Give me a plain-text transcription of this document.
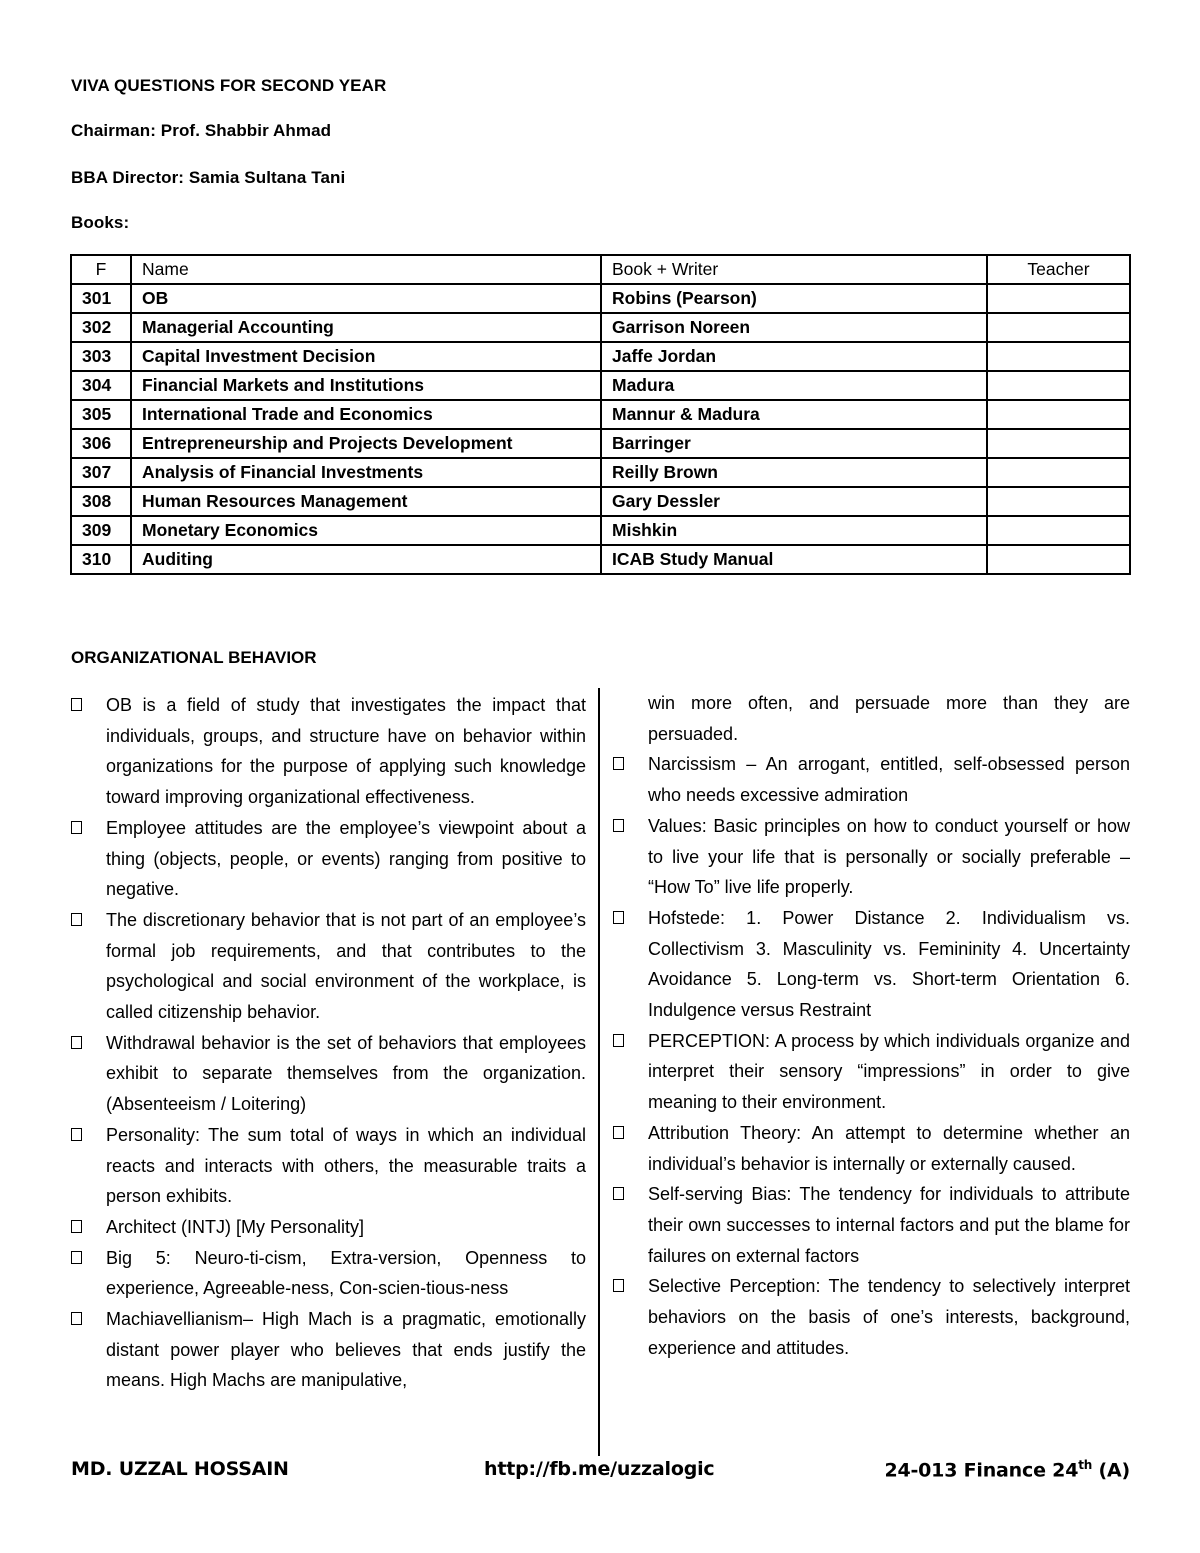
VIVA QUESTIONS FOR SECOND YEAR
Chairman: Prof. Shabbir Ahmad
BBA Director: Samia Sultana Tani
Books:
F	Name	Book + Writer	Teacher
301	OB	Robins (Pearson)	
302	Managerial Accounting	Garrison Noreen	
303	Capital Investment Decision	Jaffe Jordan	
304	Financial Markets and Institutions	Madura	
305	International Trade and Economics	Mannur & Madura	
306	Entrepreneurship and Projects Development	Barringer	
307	Analysis of Financial Investments	Reilly Brown	
308	Human Resources Management	Gary Dessler	
309	Monetary Economics	Mishkin	
310	Auditing	ICAB Study Manual	
ORGANIZATIONAL BEHAVIOR

OB is a field of study that investigates the impact that individuals, groups, and structure have on behavior within organizations for the purpose of applying such knowledge toward improving organizational effectiveness.

Employee attitudes are the employee’s viewpoint about a thing (objects, people, or events) ranging from positive to negative.

The discretionary behavior that is not part of an employee’s formal job requirements, and that contributes to the psychological and social environment of the workplace, is called citizenship behavior.

Withdrawal behavior is the set of behaviors that employees exhibit to separate themselves from the organization. (Absenteeism / Loitering)

Personality: The sum total of ways in which an individual reacts and interacts with others, the measurable traits a person exhibits.

Architect (INTJ) [My Personality]

Big 5: Neuro-ti-cism, Extra-version, Openness to experience, Agreeable-ness, Con-scien-tious-ness

Machiavellianism– High Mach is a pragmatic, emotionally distant power player who believes that ends justify the means. High Machs are manipulative,

win more often, and persuade more than they are persuaded.

Narcissism – An arrogant, entitled, self-obsessed person who needs excessive admiration

Values: Basic principles on how to conduct yourself or how to live your life that is personally or socially preferable – “How To” live life properly.

Hofstede: 1. Power Distance 2. Individualism vs. Collectivism 3. Masculinity vs. Femininity 4. Uncertainty Avoidance 5. Long-term vs. Short-term Orientation 6. Indulgence versus Restraint

PERCEPTION: A process by which individuals organize and interpret their sensory “impressions” in order to give meaning to their environment.

Attribution Theory: An attempt to determine whether an individual’s behavior is internally or externally caused.

Self-serving Bias: The tendency for individuals to attribute their own successes to internal factors and put the blame for failures on external factors

Selective Perception: The tendency to selectively interpret behaviors on the basis of one’s interests, background, experience and attitudes.

MD. UZZAL HOSSAIN	http://fb.me/uzzalogic	24-013 Finance 24th (A)
